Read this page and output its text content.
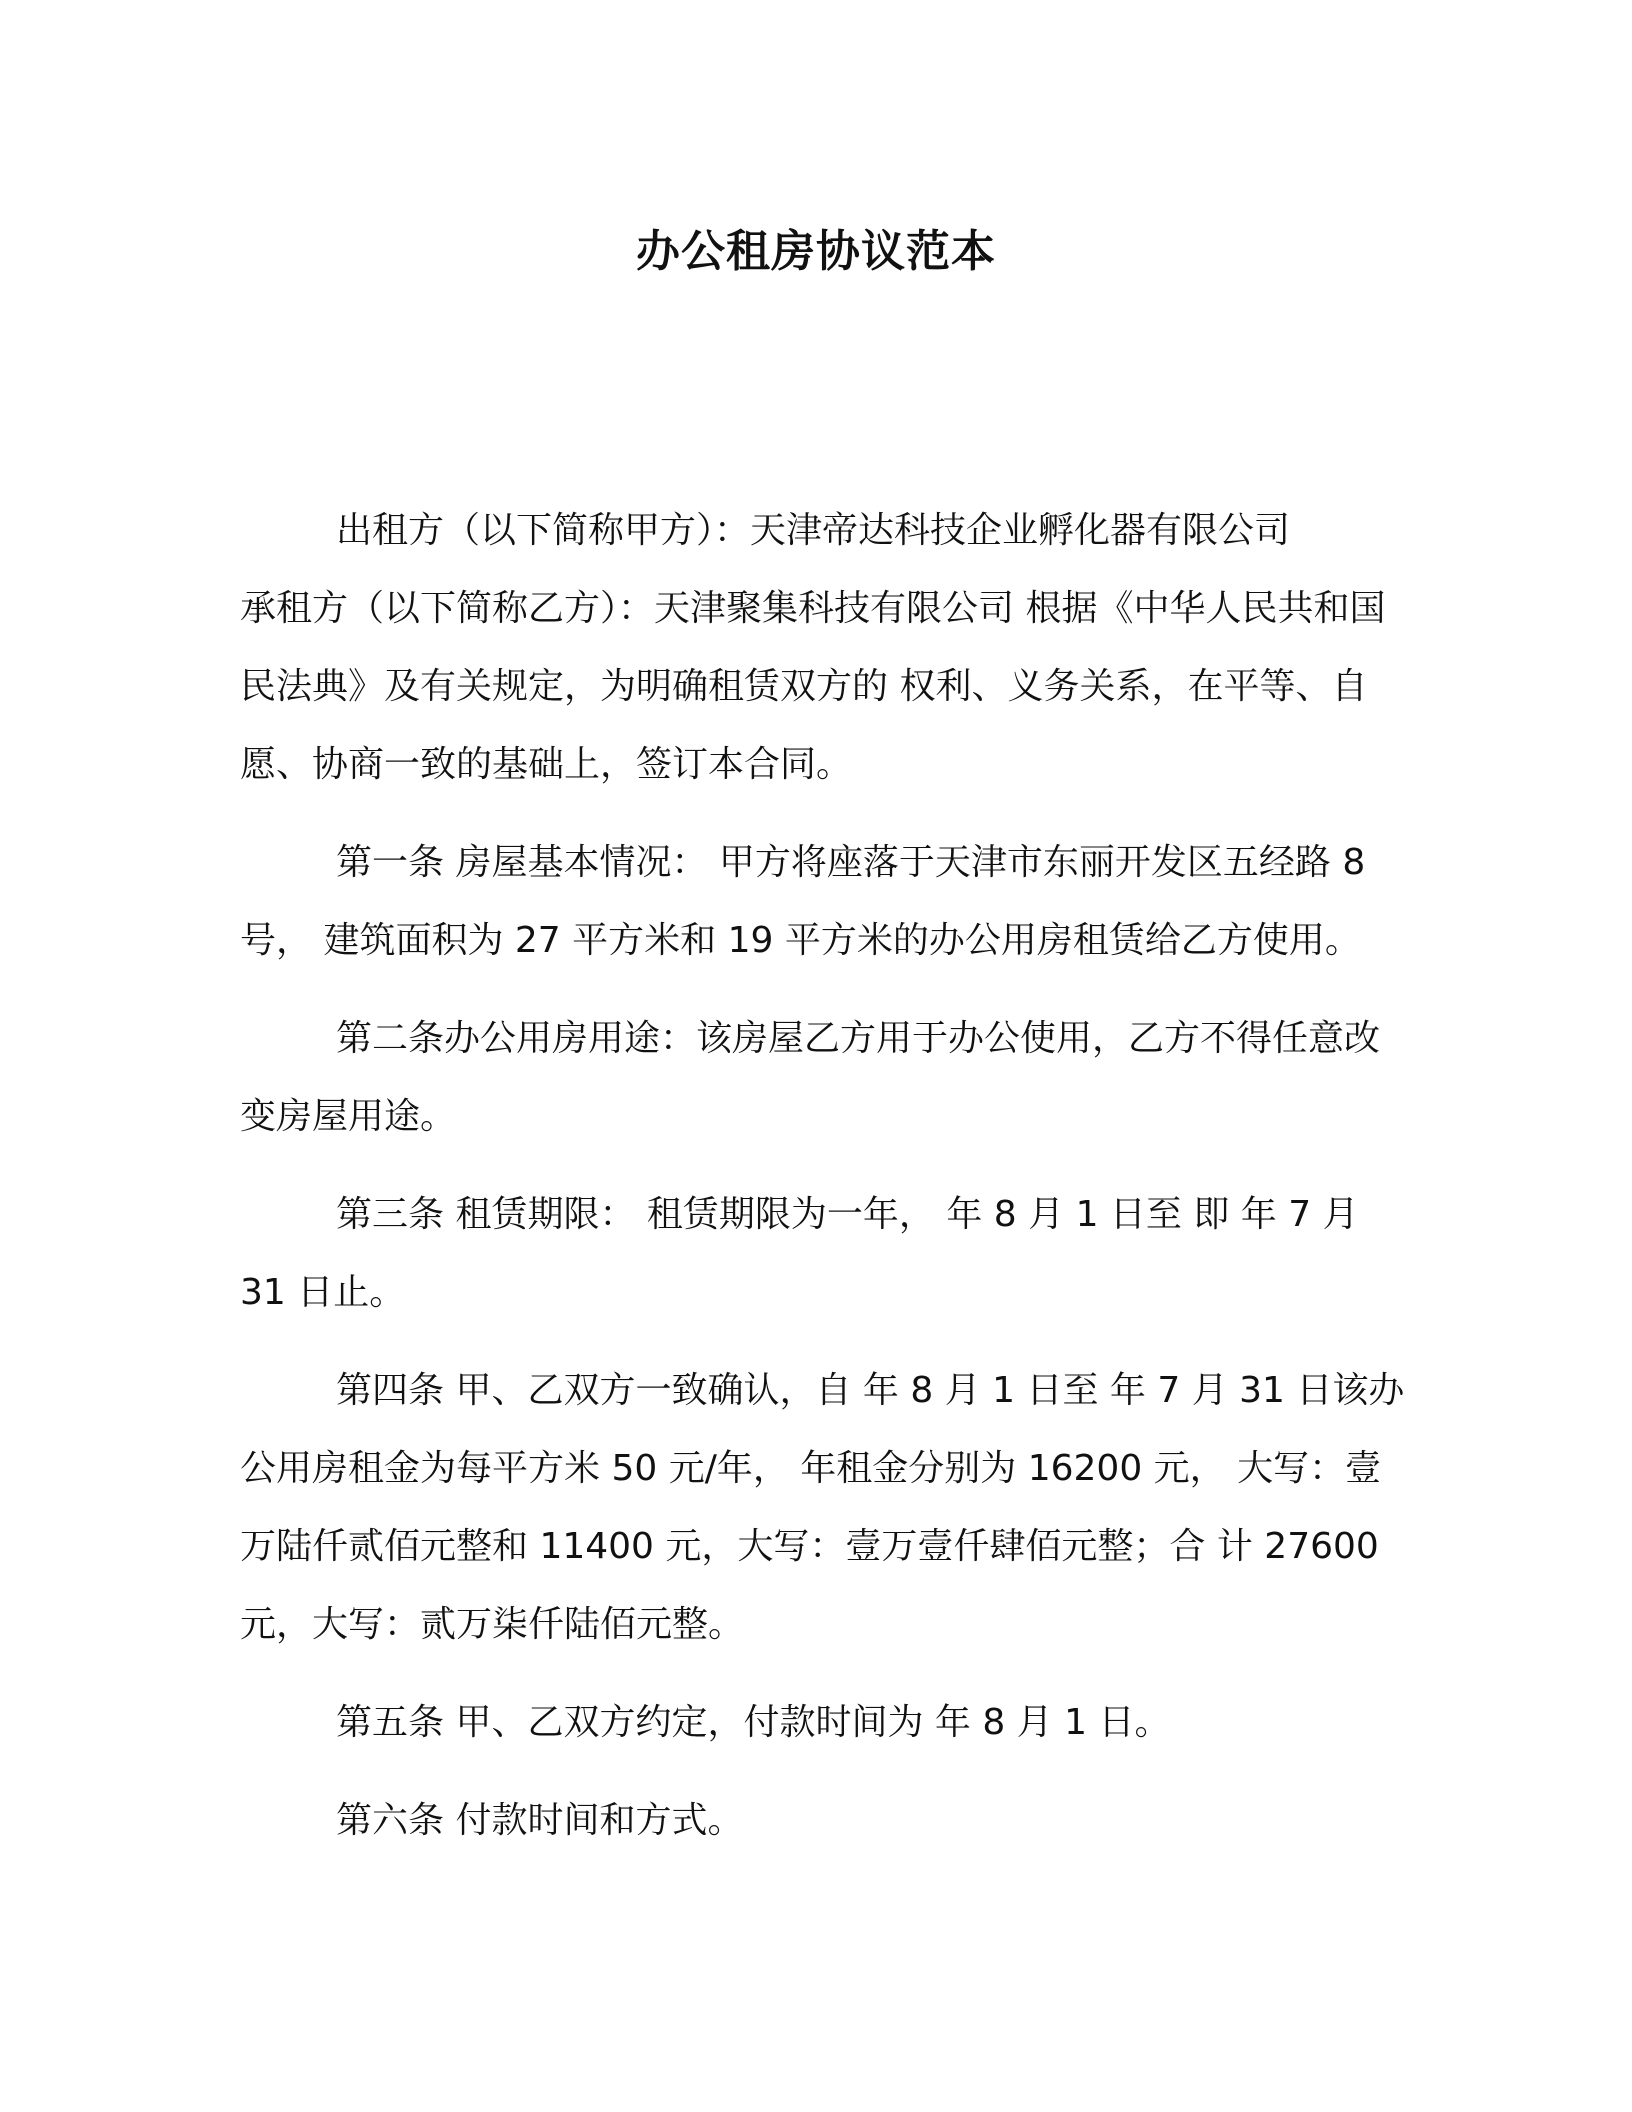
办公租房协议范本

出租方（以下简称甲方）：天津帝达科技企业孵化器有限公司

承租方（以下简称乙方）：天津聚集科技有限公司 根据《中华人民共和国民法典》及有关规定，为明确租赁双方的 权利、义务关系，在平等、自愿、协商一致的基础上，签订本合同。

第一条 房屋基本情况： 甲方将座落于天津市东丽开发区五经路 8 号， 建筑面积为 27 平方米和 19 平方米的办公用房租赁给乙方使用。

第二条办公用房用途：该房屋乙方用于办公使用，乙方不得任意改变房屋用途。

第三条 租赁期限： 租赁期限为一年， 年 8 月 1 日至 即 年 7 月 31 日止。

第四条 甲、乙双方一致确认，自 年 8 月 1 日至 年 7 月 31 日该办公用房租金为每平方米 50 元/年， 年租金分别为 16200 元， 大写：壹万陆仟贰佰元整和 11400 元，大写：壹万壹仟肆佰元整；合 计 27600 元，大写：贰万柒仟陆佰元整。

第五条 甲、乙双方约定，付款时间为 年 8 月 1 日。

第六条 付款时间和方式。
